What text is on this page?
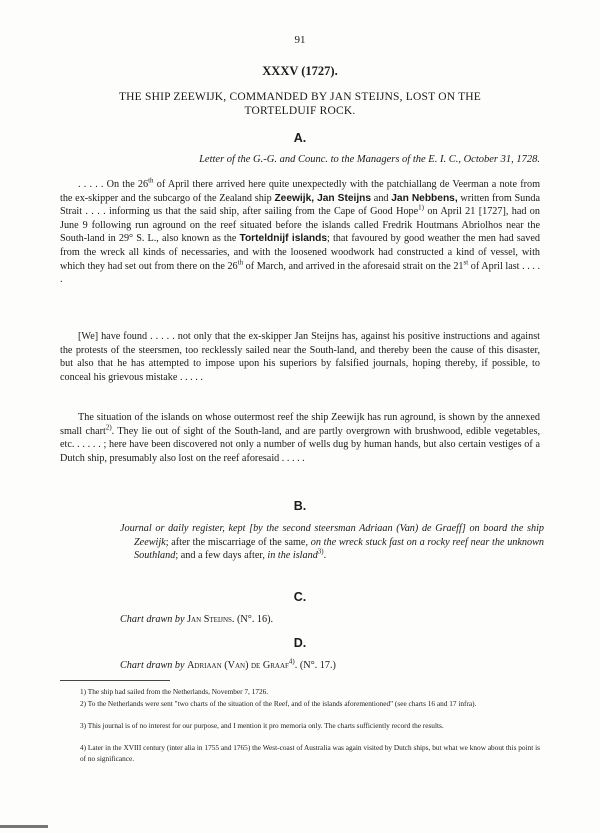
91
XXXV (1727).
THE SHIP ZEEWIJK, COMMANDED BY JAN STEIJNS, LOST ON THE
TORTELDUIF ROCK.
A.
Letter of the G.-G. and Counc. to the Managers of the E. I. C., October 31, 1728.

. . . . . On the 26th of April there arrived here quite unexpectedly with the patchiallang de Veerman a note from the ex-skipper and the subcargo of the Zealand ship Zeewijk, Jan Steijns and Jan Nebbens, written from Sunda Strait . . . . informing us that the said ship, after sailing from the Cape of Good Hope$^{1)}$ on April 21 [1727], had on June 9 following run aground on the reef situated before the islands called Fredrik Houtmans Abriolhos near the South-land in 29° S. L., also known as the Torteldnijf islands; that favoured by good weather the men had saved from the wreck all kinds of necessaries, and with the loosened woodwork had constructed a kind of vessel, with which they had set out from there on the 26th of March, and arrived in the aforesaid strait on the 21st of April last . . . . .

[We] have found . . . . . not only that the ex-skipper Jan Steijns has, against his positive instructions and against the protests of the steersmen, too recklessly sailed near the South-land, and thereby been the cause of this disaster, but also that he has attempted to impose upon his superiors by falsified journals, hoping thereby, if possible, to conceal his grievous mistake . . . . .

The situation of the islands on whose outermost reef the ship Zeewijk has run aground, is shown by the annexed small chart$^{2)}$. They lie out of sight of the South-land, and are partly overgrown with brushwood, edible vegetables, etc. . . . . . ; here have been discovered not only a number of wells dug by human hands, but also certain vestiges of a Dutch ship, presumably also lost on the reef aforesaid . . . . .

B.

Journal or daily register, kept [by the second steersman Adriaan (Van) de Graeff] on board the ship Zeewijk; after the miscarriage of the same, on the wreck stuck fast on a rocky reef near the unknown Southland; and a few days after, in the island$^{3)}$.

C.
Chart drawn by Jan Steijns. (N°. 16).
D.
Chart drawn by Adriaan (Van) de Graaf$^{4)}$. (N°. 17.)

1) The ship had sailed from the Netherlands, November 7, 1726.

2) To the Netherlands were sent "two charts of the situation of the Reef, and of the islands aforementioned" (see charts 16 and 17 infra).

3) This journal is of no interest for our purpose, and I mention it pro memoria only. The charts sufficiently record the results.

4) Later in the XVIII century (inter alia in 1755 and 1765) the West-coast of Australia was again visited by Dutch ships, but what we know about this point is of no significance.
